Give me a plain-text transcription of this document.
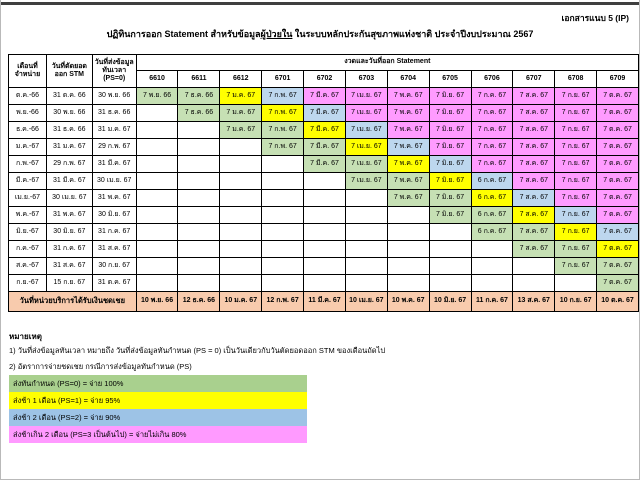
เอกสารแนบ 5 (IP)
ปฏิทินการออก Statement สำหรับข้อมูลผู้ป่วยใน ในระบบหลักประกันสุขภาพแห่งชาติ ประจำปีงบประมาณ 2567
เดือนที่จำหน่าย	วันที่ตัดยอดออก STM	วันที่ส่งข้อมูลทันเวลา (PS=0)	งวดและวันที่ออก Statement											
			6610	6611	6612	6701	6702	6703	6704	6705	6706	6707	6708	6709
ต.ค.-66	31 ต.ค. 66	30 พ.ย. 66	7 พ.ย. 66	7 ธ.ค. 66	7 ม.ค. 67	7 ก.พ. 67	7 มี.ค. 67	7 เม.ย. 67	7 พ.ค. 67	7 มิ.ย. 67	7 ก.ค. 67	7 ส.ค. 67	7 ก.ย. 67	7 ต.ค. 67
พ.ย.-66	30 พ.ย. 66	31 ธ.ค. 66		7 ธ.ค. 66	7 ม.ค. 67	7 ก.พ. 67	7 มี.ค. 67	7 เม.ย. 67	7 พ.ค. 67	7 มิ.ย. 67	7 ก.ค. 67	7 ส.ค. 67	7 ก.ย. 67	7 ต.ค. 67
ธ.ค.-66	31 ธ.ค. 66	31 ม.ค. 67			7 ม.ค. 67	7 ก.พ. 67	7 มี.ค. 67	7 เม.ย. 67	7 พ.ค. 67	7 มิ.ย. 67	7 ก.ค. 67	7 ส.ค. 67	7 ก.ย. 67	7 ต.ค. 67
ม.ค.-67	31 ม.ค. 67	29 ก.พ. 67				7 ก.พ. 67	7 มี.ค. 67	7 เม.ย. 67	7 พ.ค. 67	7 มิ.ย. 67	7 ก.ค. 67	7 ส.ค. 67	7 ก.ย. 67	7 ต.ค. 67
ก.พ.-67	29 ก.พ. 67	31 มี.ค. 67					7 มี.ค. 67	7 เม.ย. 67	7 พ.ค. 67	7 มิ.ย. 67	7 ก.ค. 67	7 ส.ค. 67	7 ก.ย. 67	7 ต.ค. 67
มี.ค.-67	31 มี.ค. 67	30 เม.ย. 67						7 เม.ย. 67	7 พ.ค. 67	7 มิ.ย. 67	6 ก.ค. 67	7 ส.ค. 67	7 ก.ย. 67	7 ต.ค. 67
เม.ย.-67	30 เม.ย. 67	31 พ.ค. 67							7 พ.ค. 67	7 มิ.ย. 67	6 ก.ค. 67	7 ส.ค. 67	7 ก.ย. 67	7 ต.ค. 67
พ.ค.-67	31 พ.ค. 67	30 มิ.ย. 67								7 มิ.ย. 67	6 ก.ค. 67	7 ส.ค. 67	7 ก.ย. 67	7 ต.ค. 67
มิ.ย.-67	30 มิ.ย. 67	31 ก.ค. 67									6 ก.ค. 67	7 ส.ค. 67	7 ก.ย. 67	7 ต.ค. 67
ก.ค.-67	31 ก.ค. 67	31 ส.ค. 67										7 ส.ค. 67	7 ก.ย. 67	7 ต.ค. 67
ส.ค.-67	31 ส.ค. 67	30 ก.ย. 67											7 ก.ย. 67	7 ต.ค. 67
ก.ย.-67	15 ก.ย. 67	31 ต.ค. 67												7 ต.ค. 67
วันที่หน่วยบริการได้รับเงินชดเชย			10 พ.ย. 66	12 ธ.ค. 66	10 ม.ค. 67	12 ก.พ. 67	11 มี.ค. 67	10 เม.ย. 67	10 พ.ค. 67	10 มิ.ย. 67	11 ก.ค. 67	13 ส.ค. 67	10 ก.ย. 67	10 ต.ค. 67
หมายเหตุ
1) วันที่ส่งข้อมูลทันเวลา หมายถึง วันที่ส่งข้อมูลทันกำหนด (PS = 0) เป็นวันเดียวกับวันตัดยอดออก STM ของเดือนถัดไป
2) อัตราการจ่ายชดเชย กรณีการส่งข้อมูลทันกำหนด (PS)
ส่งทันกำหนด (PS=0) = จ่าย 100%
ส่งช้า 1 เดือน (PS=1) = จ่าย 95%
ส่งช้า 2 เดือน (PS=2) = จ่าย 90%
ส่งช้าเกิน 2 เดือน (PS=3 เป็นต้นไป) = จ่ายไม่เกิน 80%
